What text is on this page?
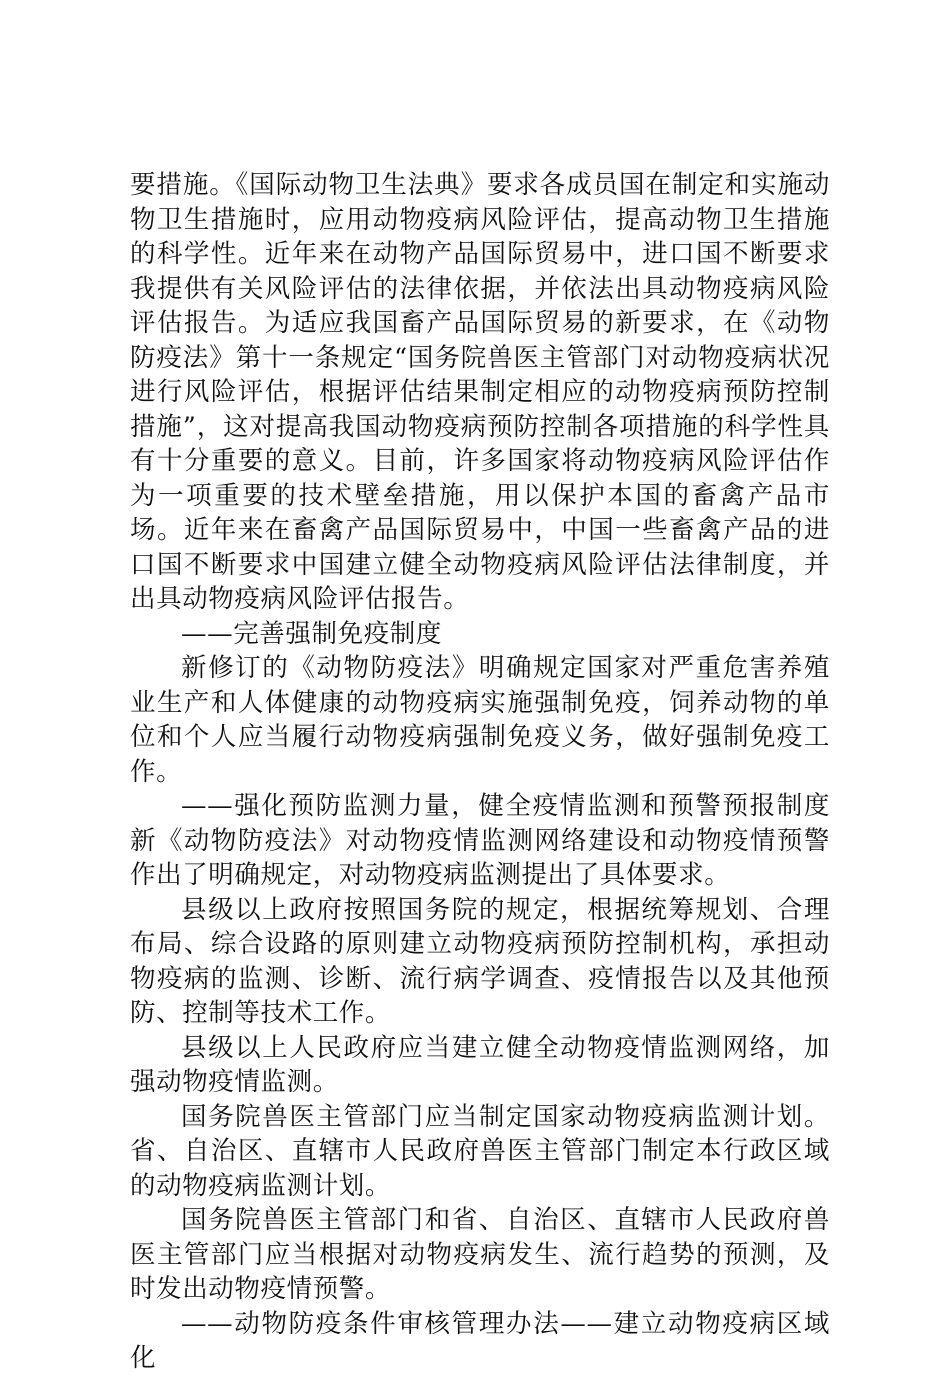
要措施。《国际动物卫生法典》要求各成员国在制定和实施动物卫生措施时，应用动物疫病风险评估，提高动物卫生措施的科学性。近年来在动物产品国际贸易中，进口国不断要求我提供有关风险评估的法律依据，并依法出具动物疫病风险评估报告。为适应我国畜产品国际贸易的新要求，在《动物防疫法》第十一条规定“国务院兽医主管部门对动物疫病状况进行风险评估，根据评估结果制定相应的动物疫病预防控制措施”，这对提高我国动物疫病预防控制各项措施的科学性具有十分重要的意义。目前，许多国家将动物疫病风险评估作为一项重要的技术壁垒措施，用以保护本国的畜禽产品市场。近年来在畜禽产品国际贸易中，中国一些畜禽产品的进口国不断要求中国建立健全动物疫病风险评估法律制度，并出具动物疫病风险评估报告。

——完善强制免疫制度

新修订的《动物防疫法》明确规定国家对严重危害养殖业生产和人体健康的动物疫病实施强制免疫，饲养动物的单位和个人应当履行动物疫病强制免疫义务，做好强制免疫工作。

——强化预防监测力量，健全疫情监测和预警预报制度新《动物防疫法》对动物疫情监测网络建设和动物疫情预警作出了明确规定，对动物疫病监测提出了具体要求。

县级以上政府按照国务院的规定，根据统筹规划、合理布局、综合设路的原则建立动物疫病预防控制机构，承担动物疫病的监测、诊断、流行病学调查、疫情报告以及其他预防、控制等技术工作。

县级以上人民政府应当建立健全动物疫情监测网络，加强动物疫情监测。

国务院兽医主管部门应当制定国家动物疫病监测计划。省、自治区、直辖市人民政府兽医主管部门制定本行政区域的动物疫病监测计划。

国务院兽医主管部门和省、自治区、直辖市人民政府兽医主管部门应当根据对动物疫病发生、流行趋势的预测，及时发出动物疫情预警。

——动物防疫条件审核管理办法——建立动物疫病区域化
